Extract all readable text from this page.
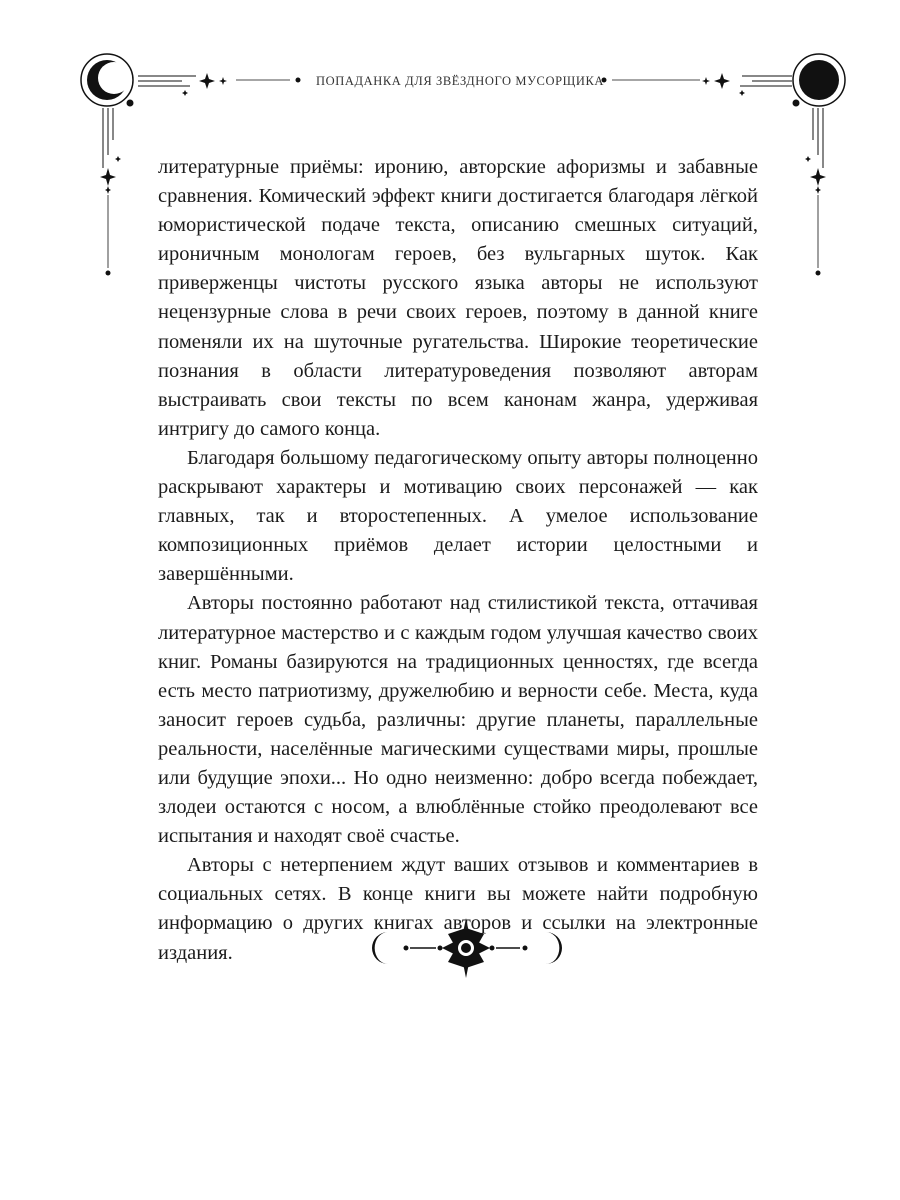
ПОПАДАНКА ДЛЯ ЗВЁЗДНОГО МУСОРЩИКА

литературные приёмы: иронию, авторские афоризмы и забавные сравнения. Комический эффект книги достигается благодаря лёгкой юмористической подаче текста, описанию смешных ситуаций, ироничным монологам героев, без вульгарных шуток. Как приверженцы чистоты русского языка авторы не используют нецензурные слова в речи своих героев, поэтому в данной книге поменяли их на шуточные ругательства. Широкие теоретические познания в области литературоведения позволяют авторам выстраивать свои тексты по всем канонам жанра, удерживая интригу до самого конца.

Благодаря большому педагогическому опыту авторы полноценно раскрывают характеры и мотивацию своих персонажей — как главных, так и второстепенных. А умелое использование композиционных приёмов делает истории целостными и завершёнными.

Авторы постоянно работают над стилистикой текста, оттачивая литературное мастерство и с каждым годом улучшая качество своих книг. Романы базируются на традиционных ценностях, где всегда есть место патриотизму, дружелюбию и верности себе. Места, куда заносит героев судьба, различны: другие планеты, параллельные реальности, населённые магическими существами миры, прошлые или будущие эпохи... Но одно неизменно: добро всегда побеждает, злодеи остаются с носом, а влюблённые стойко преодолевают все испытания и находят своё счастье.

Авторы с нетерпением ждут ваших отзывов и комментариев в социальных сетях. В конце книги вы можете найти подробную информацию о других книгах авторов и ссылки на электронные издания.
